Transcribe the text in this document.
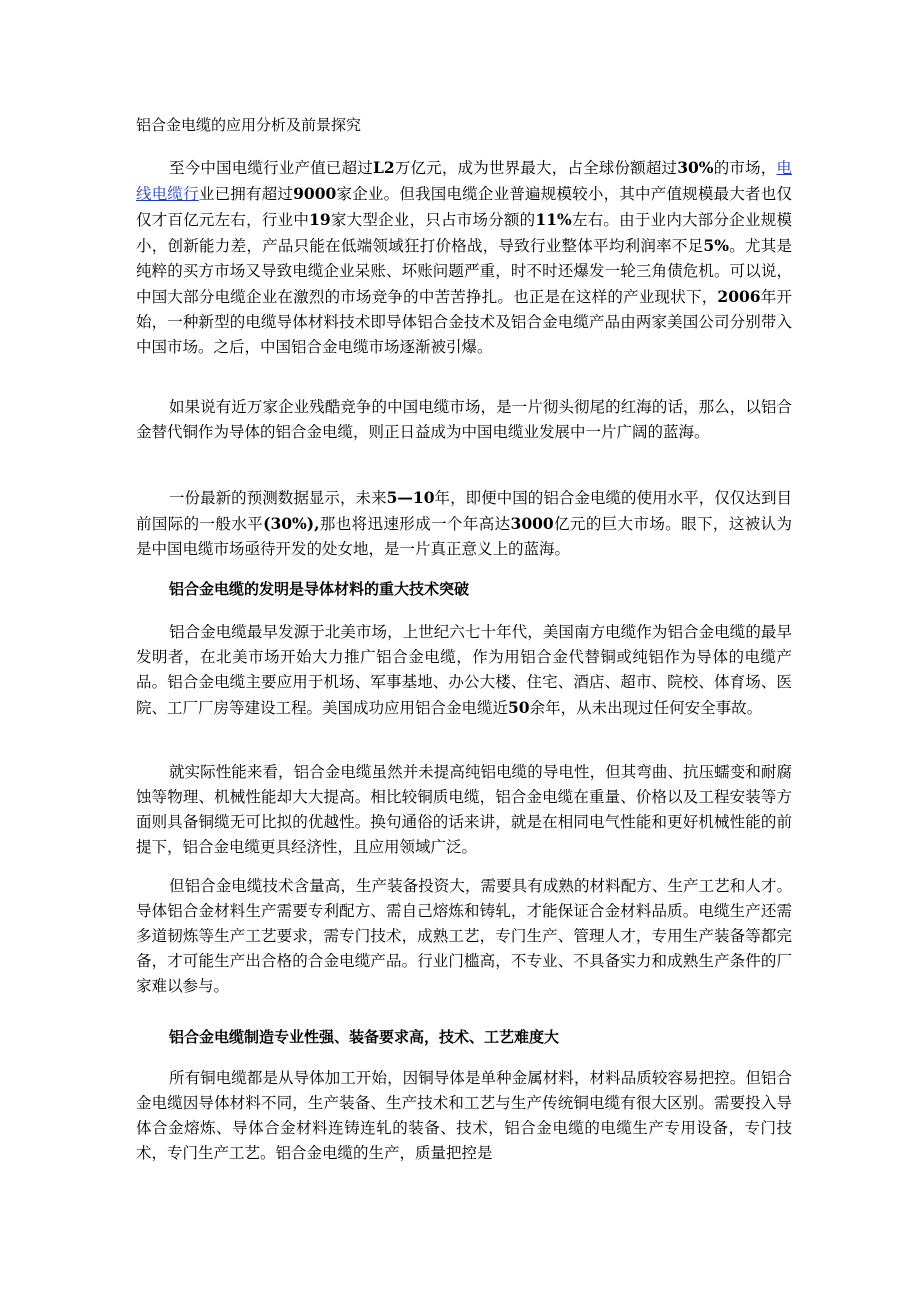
铝合金电缆的应用分析及前景探究

至今中国电缆行业产值已超过L2万亿元，成为世界最大，占全球份额超过30%的市场，电线电缆行业已拥有超过9000家企业。但我国电缆企业普遍规模较小，其中产值规模最大者也仅仅才百亿元左右，行业中19家大型企业，只占市场分额的11%左右。由于业内大部分企业规模小，创新能力差，产品只能在低端领域狂打价格战，导致行业整体平均利润率不足5%。尤其是纯粹的买方市场又导致电缆企业呆账、坏账问题严重，时不时还爆发一轮三角债危机。可以说，中国大部分电缆企业在激烈的市场竞争的中苦苦挣扎。也正是在这样的产业现状下，2006年开始，一种新型的电缆导体材料技术即导体铝合金技术及铝合金电缆产品由两家美国公司分别带入中国市场。之后，中国铝合金电缆市场逐渐被引爆。

如果说有近万家企业残酷竞争的中国电缆市场，是一片彻头彻尾的红海的话，那么，以铝合金替代铜作为导体的铝合金电缆，则正日益成为中国电缆业发展中一片广阔的蓝海。

一份最新的预测数据显示，未来5—10年，即便中国的铝合金电缆的使用水平，仅仅达到目前国际的一般水平(30%),那也将迅速形成一个年高达3000亿元的巨大市场。眼下，这被认为是中国电缆市场亟待开发的处女地，是一片真正意义上的蓝海。

铝合金电缆的发明是导体材料的重大技术突破

铝合金电缆最早发源于北美市场，上世纪六七十年代，美国南方电缆作为铝合金电缆的最早发明者，在北美市场开始大力推广铝合金电缆，作为用铝合金代替铜或纯铝作为导体的电缆产品。铝合金电缆主要应用于机场、军事基地、办公大楼、住宅、酒店、超市、院校、体育场、医院、工厂厂房等建设工程。美国成功应用铝合金电缆近50余年，从未出现过任何安全事故。

就实际性能来看，铝合金电缆虽然并未提高纯铝电缆的导电性，但其弯曲、抗压蠕变和耐腐蚀等物理、机械性能却大大提高。相比较铜质电缆，铝合金电缆在重量、价格以及工程安装等方面则具备铜缆无可比拟的优越性。换句通俗的话来讲，就是在相同电气性能和更好机械性能的前提下，铝合金电缆更具经济性，且应用领域广泛。

但铝合金电缆技术含量高，生产装备投资大，需要具有成熟的材料配方、生产工艺和人才。导体铝合金材料生产需要专利配方、需自己熔炼和铸轧，才能保证合金材料品质。电缆生产还需多道韧炼等生产工艺要求，需专门技术，成熟工艺，专门生产、管理人才，专用生产装备等都完备，才可能生产出合格的合金电缆产品。行业门槛高，不专业、不具备实力和成熟生产条件的厂家难以参与。

铝合金电缆制造专业性强、装备要求高，技术、工艺难度大

所有铜电缆都是从导体加工开始，因铜导体是单种金属材料，材料品质较容易把控。但铝合金电缆因导体材料不同，生产装备、生产技术和工艺与生产传统铜电缆有很大区别。需要投入导体合金熔炼、导体合金材料连铸连轧的装备、技术，铝合金电缆的电缆生产专用设备，专门技术，专门生产工艺。铝合金电缆的生产，质量把控是
